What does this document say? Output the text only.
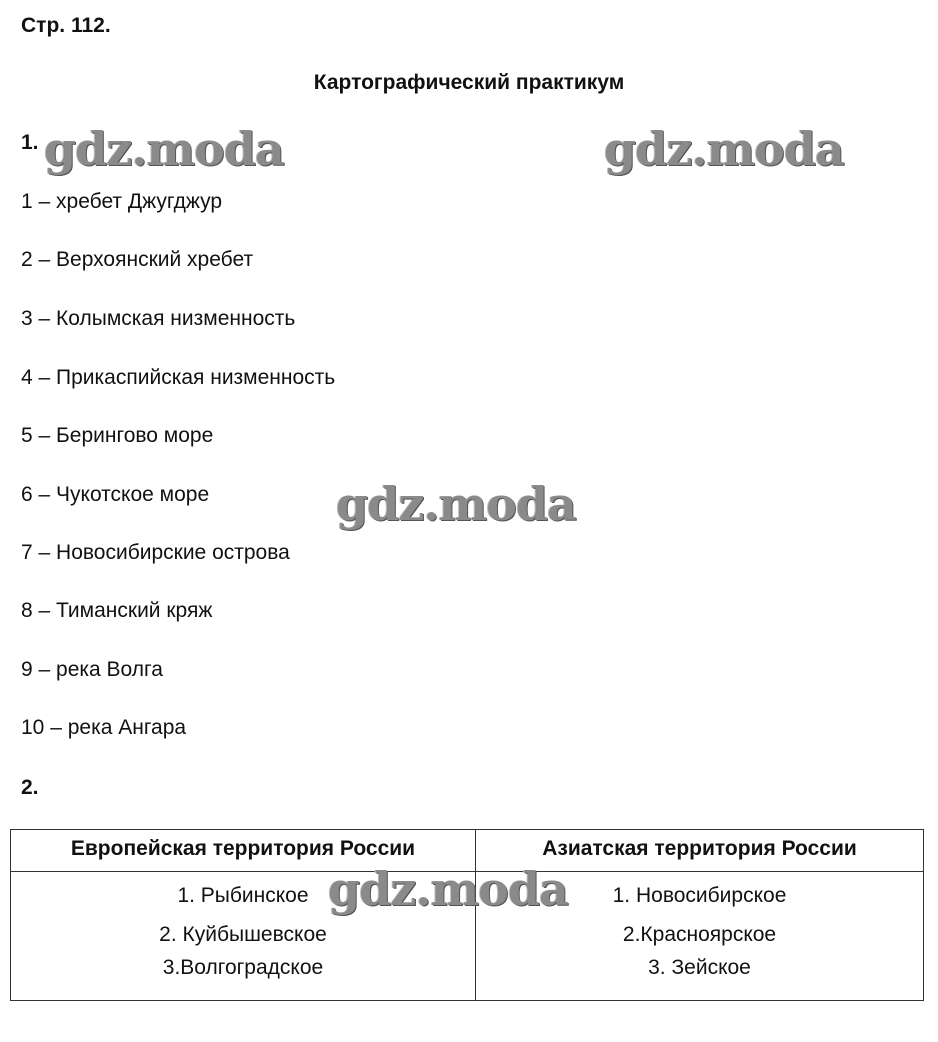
Стр. 112.
Картографический практикум
1.
1 – хребет Джугджур
2 – Верхоянский хребет
3 – Колымская низменность
4 – Прикаспийская низменность
5 – Берингово море
6 – Чукотское море
7 – Новосибирские острова
8 – Тиманский кряж
9 – река Волга
10 – река Ангара
2.
Европейская территория России	Азиатская территория России
1. Рыбинское	1. Новосибирское
2. Куйбышевское	2.Красноярское
3.Волгоградское	3. Зейское
gdz.moda	gdz.moda
gdz.moda
gdz.moda
